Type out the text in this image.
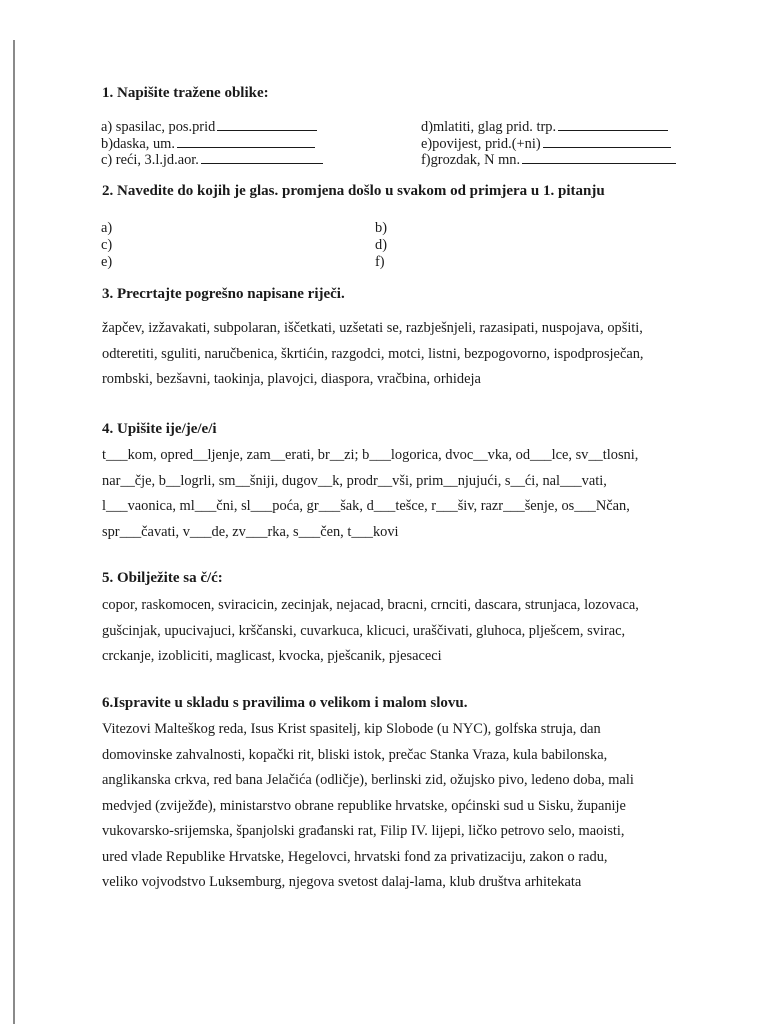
1. Napišite tražene oblike:
a) spasilac, pos.prid
b)daska, um.
c) reći, 3.l.jd.aor.
d)mlatiti, glag prid. trp.
e)povijest, prid.(+ni)
f)grozdak, N mn.
2. Navedite do kojih je glas. promjena došlo u svakom od primjera u 1. pitanju
a)
c)
e)
b)
d)
f)
3. Precrtajte pogrešno napisane riječi.
žapčev, izžavakati, subpolaran, iščetkati, uzšetati se, razbješnjeli, razasipati, nuspojava, opšiti,
odteretiti, sguliti, naručbenica, škrtićin, razgodci, motci, listni, bezpogovorno, ispodprosječan,
rombski, bezšavni, taokinja, plavojci, diaspora, vračbina, orhideja
4. Upišite ije/je/e/i
t___kom, opred__ljenje, zam__erati, br__zi; b___logorica, dvoc__vka, od___lce, sv__tlosni,
nar__čje, b__logrli, sm__šniji, dugov__k, prodr__vši, prim__njujući, s__ći, nal___vati,
l___vaonica, ml___čni, sl___poća, gr___šak, d___tešce, r___šiv, razr___šenje, os___Nčan,
spr___čavati, v___de, zv___rka, s___čen, t___kovi
5. Obilježite sa č/ć:
copor, raskomocen, sviracicin, zecinjak, nejacad, bracni, crnciti, dascara, strunjaca, lozovaca,
gušcinjak, upucivajuci, krščanski, cuvarkuca, klicuci, uraščivati, gluhoca, plješcem, svirac,
crckanje, izobliciti, maglicast, kvocka, pješcanik, pjesaceci
6.Ispravite u skladu s pravilima o velikom i malom slovu.
Vitezovi Malteškog reda, Isus Krist spasitelj, kip Slobode (u NYC), golfska struja, dan
domovinske zahvalnosti, kopački rit, bliski istok, prečac Stanka Vraza, kula babilonska,
anglikanska crkva, red bana Jelačića (odličje), berlinski zid, ožujsko pivo, ledeno doba, mali
medvjed (zviježđe), ministarstvo obrane republike hrvatske, općinski sud u Sisku, županije
vukovarsko-srijemska, španjolski građanski rat, Filip IV. lijepi, ličko petrovo selo, maoisti,
ured vlade Republike Hrvatske, Hegelovci, hrvatski fond za privatizaciju, zakon o radu,
veliko vojvodstvo Luksemburg, njegova svetost dalaj-lama, klub društva arhitekata
